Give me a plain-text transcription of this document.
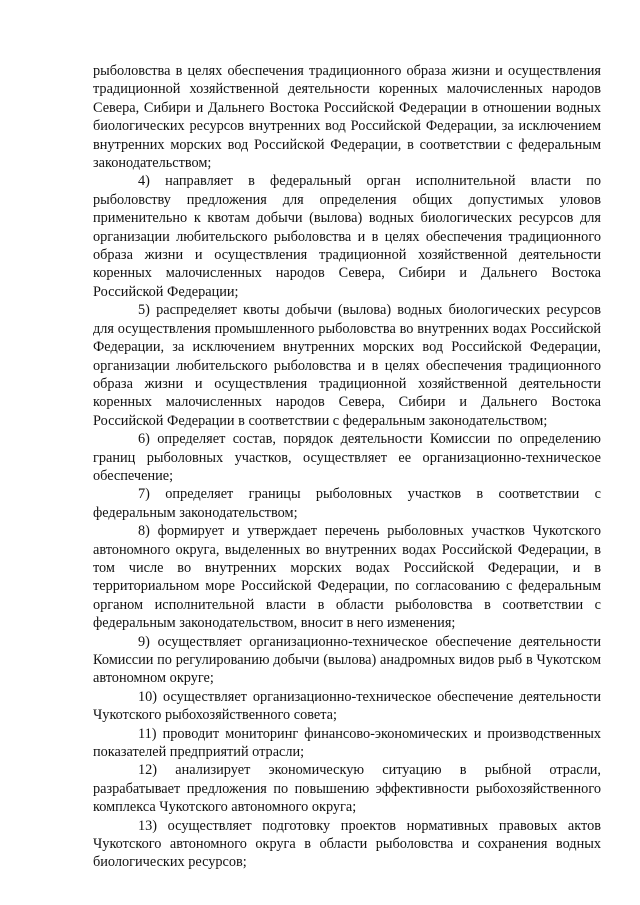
рыболовства в целях обеспечения традиционного образа жизни и осуществления традиционной хозяйственной деятельности коренных малочисленных народов Севера, Сибири и Дальнего Востока Российской Федерации в отношении водных биологических ресурсов внутренних вод Российской Федерации, за исключением внутренних морских вод Российской Федерации, в соответствии с федеральным законодательством;

4) направляет в федеральный орган исполнительной власти по рыболовству предложения для определения общих допустимых уловов применительно к квотам добычи (вылова) водных биологических ресурсов для организации любительского рыболовства и в целях обеспечения традиционного образа жизни и осуществления традиционной хозяйственной деятельности коренных малочисленных народов Севера, Сибири и Дальнего Востока Российской Федерации;

5) распределяет квоты добычи (вылова) водных биологических ресурсов для осуществления промышленного рыболовства во внутренних водах Российской Федерации, за исключением внутренних морских вод Российской Федерации, организации любительского рыболовства и в целях обеспечения традиционного образа жизни и осуществления традиционной хозяйственной деятельности коренных малочисленных народов Севера, Сибири и Дальнего Востока Российской Федерации в соответствии с федеральным законодательством;

6) определяет состав, порядок деятельности Комиссии по определению границ рыболовных участков, осуществляет ее организационно-техническое обеспечение;

7) определяет границы рыболовных участков в соответствии с федеральным законодательством;

8) формирует и утверждает перечень рыболовных участков Чукотского автономного округа, выделенных во внутренних водах Российской Федерации, в том числе во внутренних морских водах Российской Федерации, и в территориальном море Российской Федерации, по согласованию с федеральным органом исполнительной власти в области рыболовства в соответствии с федеральным законодательством, вносит в него изменения;

9) осуществляет организационно-техническое обеспечение деятельности Комиссии по регулированию добычи (вылова) анадромных видов рыб в Чукотском автономном округе;

10) осуществляет организационно-техническое обеспечение деятельности Чукотского рыбохозяйственного совета;

11) проводит мониторинг финансово-экономических и производственных показателей предприятий отрасли;

12) анализирует экономическую ситуацию в рыбной отрасли, разрабатывает предложения по повышению эффективности рыбохозяйственного комплекса Чукотского автономного округа;

13) осуществляет подготовку проектов нормативных правовых актов Чукотского автономного округа в области рыболовства и сохранения водных биологических ресурсов;
